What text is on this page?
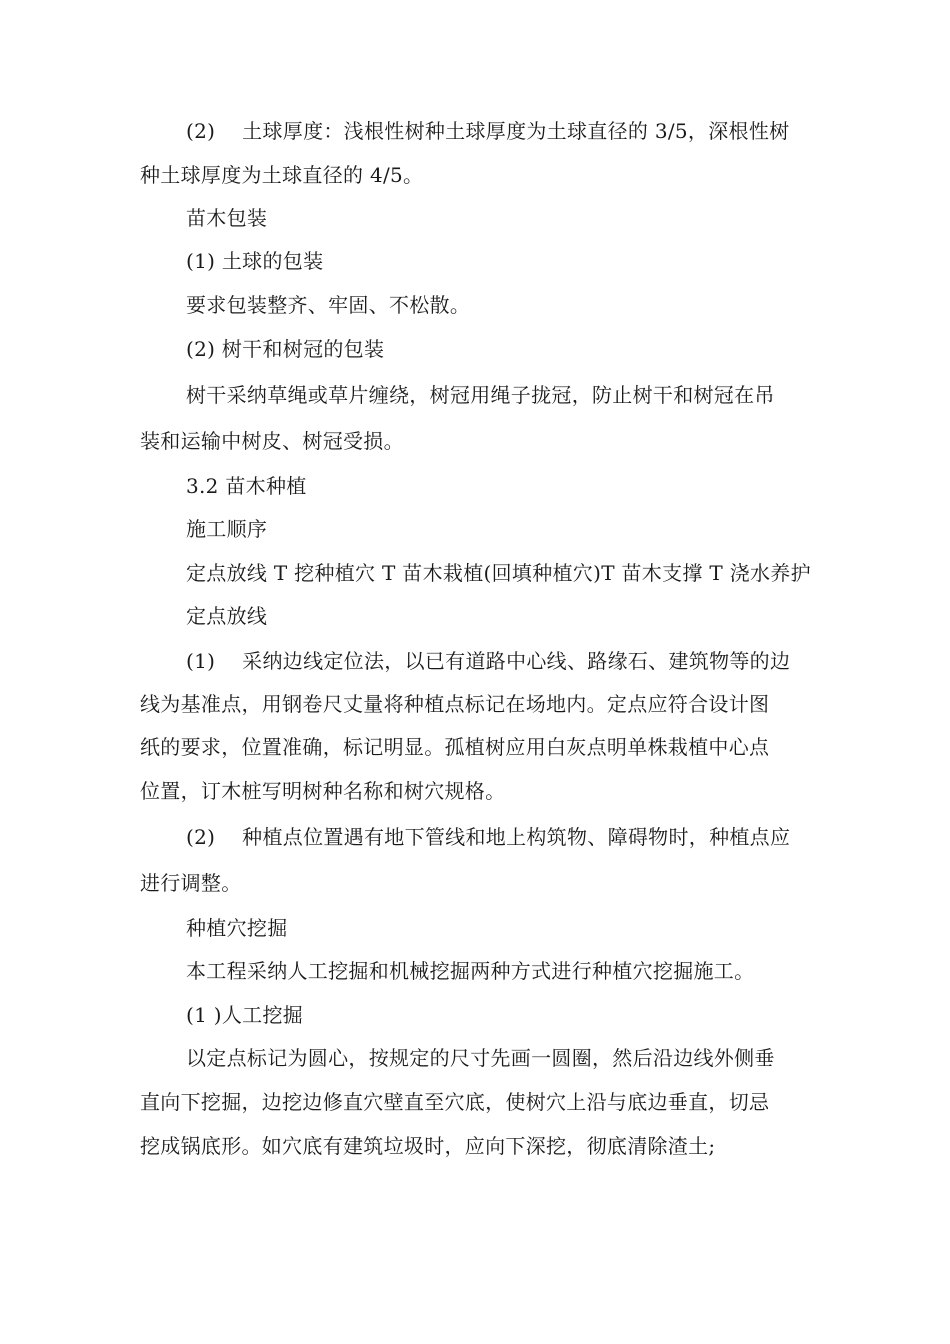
(2)　 土球厚度：浅根性树种土球厚度为土球直径的 3/5，深根性树
种土球厚度为土球直径的 4/5。
苗木包装
(1) 土球的包装
要求包装整齐、牢固、不松散。
(2) 树干和树冠的包装
树干采纳草绳或草片缠绕，树冠用绳子拢冠，防止树干和树冠在吊
装和运输中树皮、树冠受损。
3.2 苗木种植
施工顺序
定点放线 T 挖种植穴 T 苗木栽植(回填种植穴)T 苗木支撑 T 浇水养护
定点放线
(1)　 采纳边线定位法，以已有道路中心线、路缘石、建筑物等的边
线为基准点，用钢卷尺丈量将种植点标记在场地内。定点应符合设计图
纸的要求，位置准确，标记明显。孤植树应用白灰点明单株栽植中心点
位置，订木桩写明树种名称和树穴规格。
(2)　 种植点位置遇有地下管线和地上构筑物、障碍物时，种植点应
进行调整。
种植穴挖掘
本工程采纳人工挖掘和机械挖掘两种方式进行种植穴挖掘施工。
(1 )人工挖掘
以定点标记为圆心，按规定的尺寸先画一圆圈，然后沿边线外侧垂
直向下挖掘，边挖边修直穴壁直至穴底，使树穴上沿与底边垂直，切忌
挖成锅底形。如穴底有建筑垃圾时，应向下深挖，彻底清除渣土;
